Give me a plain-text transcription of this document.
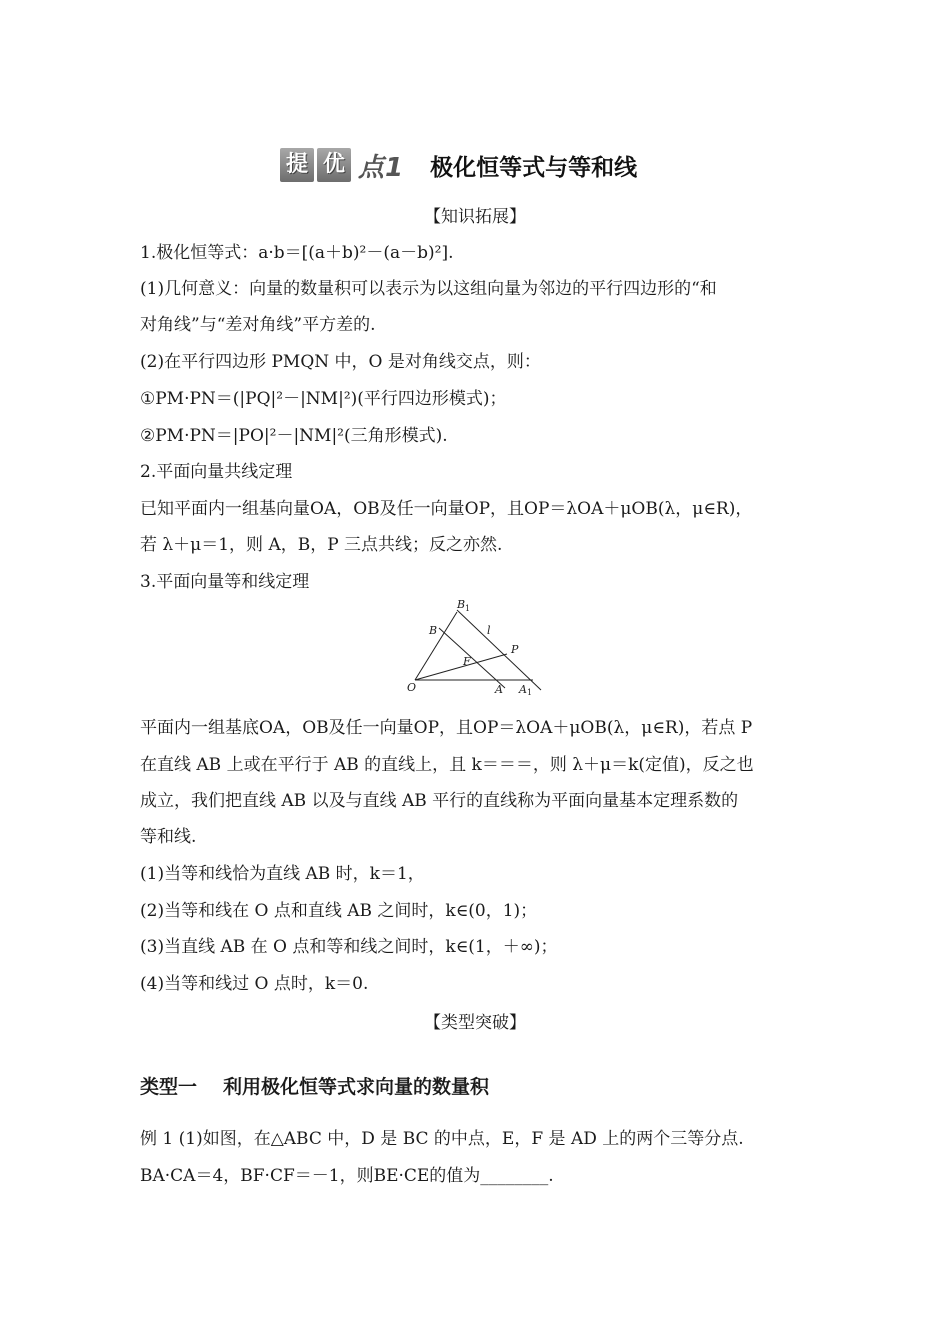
提 优 点1 极化恒等式与等和线
【知识拓展】
1.极化恒等式：a·b＝[(a＋b)²－(a－b)²].
(1)几何意义：向量的数量积可以表示为以这组向量为邻边的平行四边形的“和
对角线”与“差对角线”平方差的.
(2)在平行四边形 PMQN 中，O 是对角线交点，则：
①PM·PN＝(|PQ|²－|NM|²)(平行四边形模式)；
②PM·PN＝|PO|²－|NM|²(三角形模式).
2.平面向量共线定理
已知平面内一组基向量OA，OB及任一向量OP，且OP＝λOA＋μOB(λ，μ∈R)，
若 λ＋μ＝1，则 A，B，P 三点共线；反之亦然.
3.平面向量等和线定理
O	A A 1
B
B 1
F
P
l
平面内一组基底OA，OB及任一向量OP，且OP＝λOA＋μOB(λ，μ∈R)，若点 P
在直线 AB 上或在平行于 AB 的直线上，且 k＝＝＝，则 λ＋μ＝k(定值)，反之也
成立，我们把直线 AB 以及与直线 AB 平行的直线称为平面向量基本定理系数的
等和线.
(1)当等和线恰为直线 AB 时，k＝1，
(2)当等和线在 O 点和直线 AB 之间时，k∈(0，1)；
(3)当直线 AB 在 O 点和等和线之间时，k∈(1，＋∞)；
(4)当等和线过 O 点时，k＝0.
【类型突破】
类型一 利用极化恒等式求向量的数量积
例 1 (1)如图，在△ABC 中，D 是 BC 的中点，E，F 是 AD 上的两个三等分点.
BA·CA＝4，BF·CF＝－1，则BE·CE的值为________.
